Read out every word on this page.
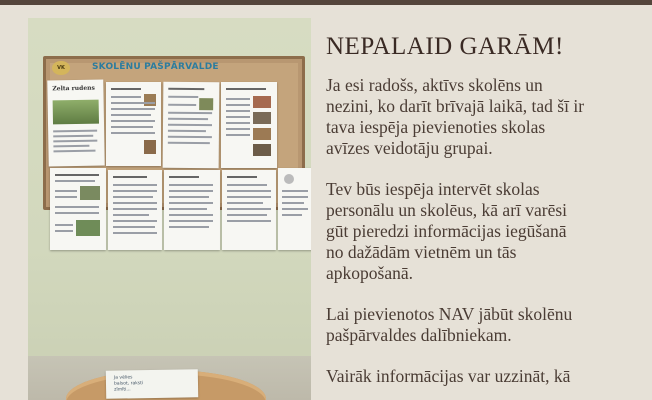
VK	SKOLĒNU PAŠPĀRVALDE
Zelta rudens
Ja vēlies
balsot, raksti
zīmīti...
NEPALAID GARĀM!

Ja esi radošs, aktīvs skolēns un
nezini, ko darīt brīvajā laikā, tad šī ir
tava iespēja pievienoties skolas
avīzes veidotāju grupai.

Tev būs iespēja intervēt skolas
personālu un skolēus, kā arī varēsi
gūt pieredzi informācijas iegūšanā
no dažādām vietnēm un tās
apkopošanā.

Lai pievienotos NAV jābūt skolēnu
pašpārvaldes dalībniekam.

Vairāk informācijas var uzzināt, kā
